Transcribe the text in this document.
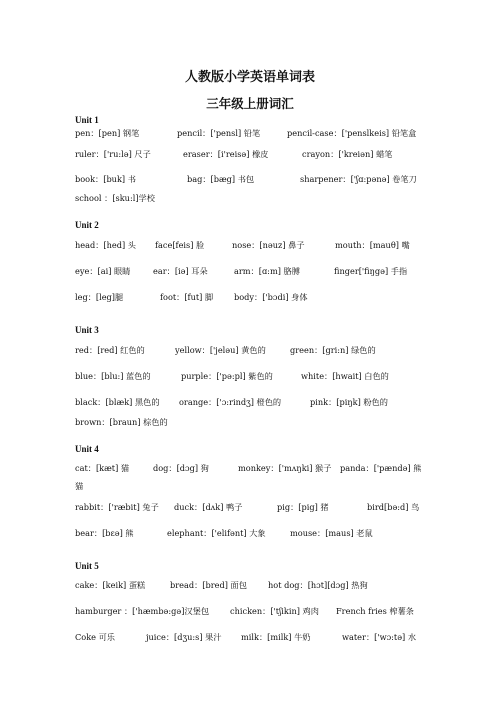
人教版小学英语单词表
三年级上册词汇
Unit 1
pen：[pen] 钢笔	pencil：['pensl] 铅笔	pencil-case：['penslkeis] 铅笔盒
ruler：['ru:lə] 尺子	eraser：[i'reisə] 橡皮	crayon：['kreiən] 蜡笔
book：[buk] 书	bag：[bæg] 书包	sharpener：['ʃɑ:pənə] 卷笔刀
school ：[sku:l]学校
Unit 2
head：[hed] 头 face[feis] 脸	nose：[nəuz] 鼻子	mouth：[mauθ] 嘴
eye：[ai] 眼睛	ear：[iə] 耳朵	arm：[ɑ:m] 胳膊	finger['fiŋgə] 手指
leg：[leg]腿	foot：[fut] 脚	body：['bɔdi] 身体
Unit 3
red：[red] 红色的	yellow：['jeləu] 黄色的	green：[gri:n] 绿色的
blue：[blu:] 蓝色的	purple：['pə:pl] 紫色的	white：[hwait] 白色的
black：[blæk] 黑色的 orange：['ɔ:rindʒ] 橙色的	pink：[piŋk] 粉色的
brown：[braun] 棕色的
Unit 4
cat：[kæt] 猫	dog：[dɔg] 狗	monkey：['mʌŋki] 猴子 panda：['pændə] 熊
猫
rabbit：['ræbit] 兔子 duck：[dʌk] 鸭子	pig：[pig] 猪	bird[bə:d] 鸟
bear：[bɛə] 熊	elephant：['elifənt] 大象	mouse：[maus] 老鼠
Unit 5
cake：[keik] 蛋糕	bread：[bred] 面包	hot dog：[hɔt][dɔg] 热狗
hamburger ：['hæmbə:gə]汉堡包	chicken：['tʃikin] 鸡肉 French fries 榨薯条
Coke 可乐	juice：[dʒu:s] 果汁 milk：[milk] 牛奶	water：['wɔ:tə] 水
